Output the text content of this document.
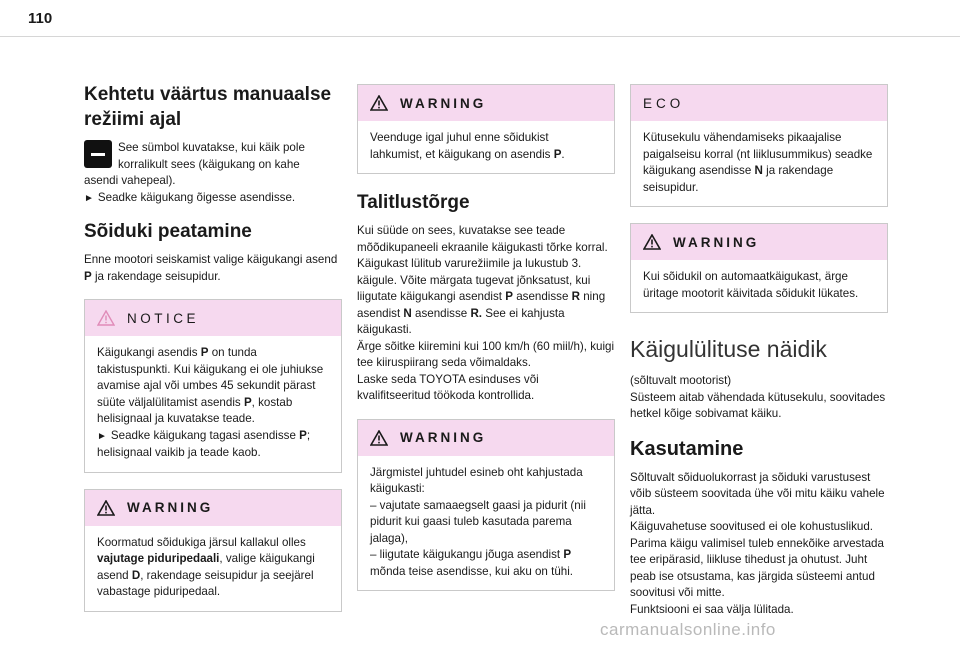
110
Kehtetu väärtus manuaalse režiimi ajal

See sümbol kuvatakse, kui käik pole
korralikult sees (käigukang on kahe

asendi vahepeal).

► Seadke käigukang õigesse asendisse.

Sõiduki peatamine

Enne mootori seiskamist valige käigukangi asend P ja rakendage seisupidur.

NOTICE

Käigukangi asendis P on tunda takistuspunkti. Kui käigukang ei ole juhiukse avamise ajal või umbes 45 sekundit pärast süüte väljalülitamist asendis P, kostab helisignaal ja kuvatakse teade.

► Seadke käigukang tagasi asendisse P; helisignaal vaikib ja teade kaob.

WARNING

Koormatud sõidukiga järsul kallakul olles vajutage piduripedaali, valige käigukangi asend D, rakendage seisupidur ja seejärel vabastage piduripedaal.

WARNING

Veenduge igal juhul enne sõidukist lahkumist, et käigukang on asendis P.

Talitlustõrge

Kui süüde on sees, kuvatakse see teade mõõdikupaneeli ekraanile käigukasti tõrke korral. Käigukast lülitub varurežiimile ja lukustub 3. käigule. Võite märgata tugevat jõnksatust, kui liigutate käigukangi asendist P asendisse R ning asendist N asendisse R. See ei kahjusta käigukasti.

Ärge sõitke kiiremini kui 100 km/h (60 miil/h), kuigi tee kiiruspiirang seda võimaldaks.

Laske seda TOYOTA esinduses või kvalifitseeritud töökoda kontrollida.

WARNING

Järgmistel juhtudel esineb oht kahjustada käigukasti:

– vajutate samaaegselt gaasi ja pidurit (nii pidurit kui gaasi tuleb kasutada parema jalaga),

– liigutate käigukangu jõuga asendist P mõnda teise asendisse, kui aku on tühi.

ECO

Kütusekulu vähendamiseks pikaajalise paigalseisu korral (nt liiklusummikus) seadke käigukang asendisse N ja rakendage seisupidur.

WARNING

Kui sõidukil on automaatkäigukast, ärge üritage mootorit käivitada sõidukit lükates.

Käigulülituse näidik

(sõltuvalt mootorist)

Süsteem aitab vähendada kütusekulu, soovitades hetkel kõige sobivamat käiku.

Kasutamine

Sõltuvalt sõiduolukorrast ja sõiduki varustusest võib süsteem soovitada ühe või mitu käiku vahele jätta.

Käiguvahetuse soovitused ei ole kohustuslikud. Parima käigu valimisel tuleb ennekõike arvestada tee eripärasid, liikluse tihedust ja ohutust. Juht peab ise otsustama, kas järgida süsteemi antud soovitusi või mitte.

Funktsiooni ei saa välja lülitada.

carmanualsonline.info
